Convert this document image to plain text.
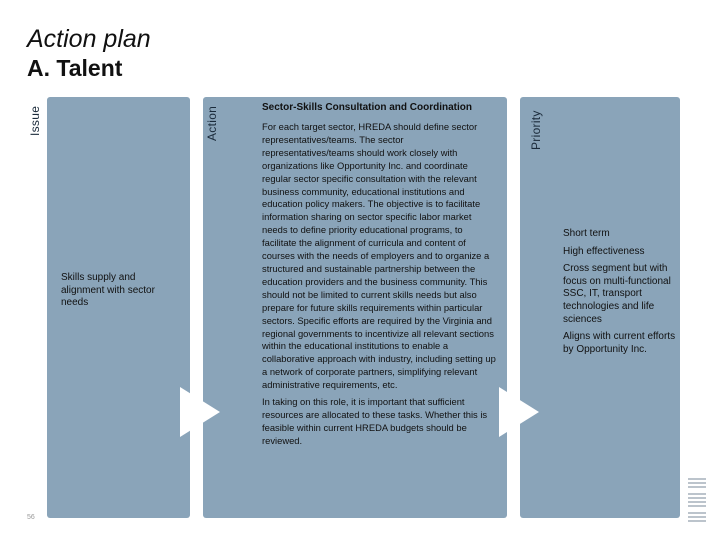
Action plan
A. Talent
Issue	Action	Priority
Skills supply and alignment with sector needs
Sector-Skills Consultation and Coordination

For each target sector, HREDA should define sector representatives/teams. The sector representatives/teams should work closely with organizations like Opportunity Inc. and coordinate regular sector specific consultation with the relevant business community, educational institutions and education policy makers. The objective is to facilitate information sharing on sector specific labor market needs to define priority educational programs, to facilitate the alignment of curricula and content of courses with the needs of employers and to organize a structured and sustainable partnership between the education providers and the business community. This should not be limited to current skills needs but also prepare for future skills requirements within particular sectors. Specific efforts are required by the Virginia and regional governments to incentivize all relevant sections within the educational institutions to enable a collaborative approach with industry, including setting up a network of corporate partners, simplifying relevant administrative requirements, etc.

In taking on this role, it is important that sufficient resources are allocated to these tasks. Whether this is feasible within current HREDA budgets should be reviewed.

Short term
High effectiveness
Cross segment but with focus on multi-functional SSC, IT, transport technologies and life sciences
Aligns with current efforts by Opportunity Inc.
56
